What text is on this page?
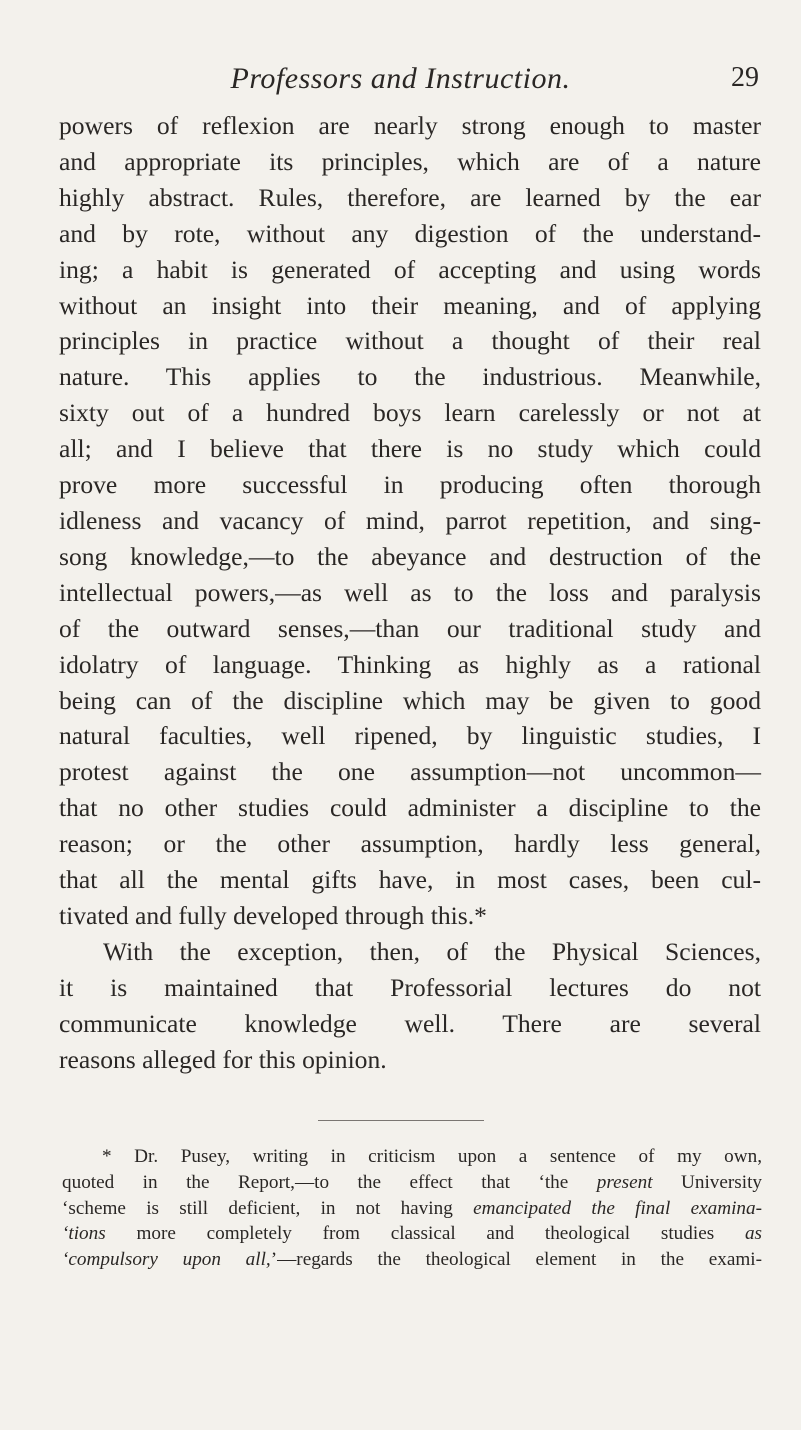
Professors and Instruction.	29

powers of reflexion are nearly strong enough to master
and appropriate its principles, which are of a nature
highly abstract. Rules, therefore, are learned by the ear
and by rote, without any digestion of the understand-
ing; a habit is generated of accepting and using words
without an insight into their meaning, and of applying
principles in practice without a thought of their real
nature. This applies to the industrious. Meanwhile,
sixty out of a hundred boys learn carelessly or not at
all; and I believe that there is no study which could
prove more successful in producing often thorough
idleness and vacancy of mind, parrot repetition, and sing-
song knowledge,—to the abeyance and destruction of the
intellectual powers,—as well as to the loss and paralysis
of the outward senses,—than our traditional study and
idolatry of language. Thinking as highly as a rational
being can of the discipline which may be given to good
natural faculties, well ripened, by linguistic studies, I
protest against the one assumption—not uncommon—
that no other studies could administer a discipline to the
reason; or the other assumption, hardly less general,
that all the mental gifts have, in most cases, been cul-
tivated and fully developed through this.*

With the exception, then, of the Physical Sciences,
it is maintained that Professorial lectures do not
communicate knowledge well. There are several
reasons alleged for this opinion.

* Dr. Pusey, writing in criticism upon a sentence of my own,
quoted in the Report,—to the effect that ‘the present University
‘scheme is still deficient, in not having emancipated the final examina-
‘tions more completely from classical and theological studies as
‘compulsory upon all,’—regards the theological element in the exami-
